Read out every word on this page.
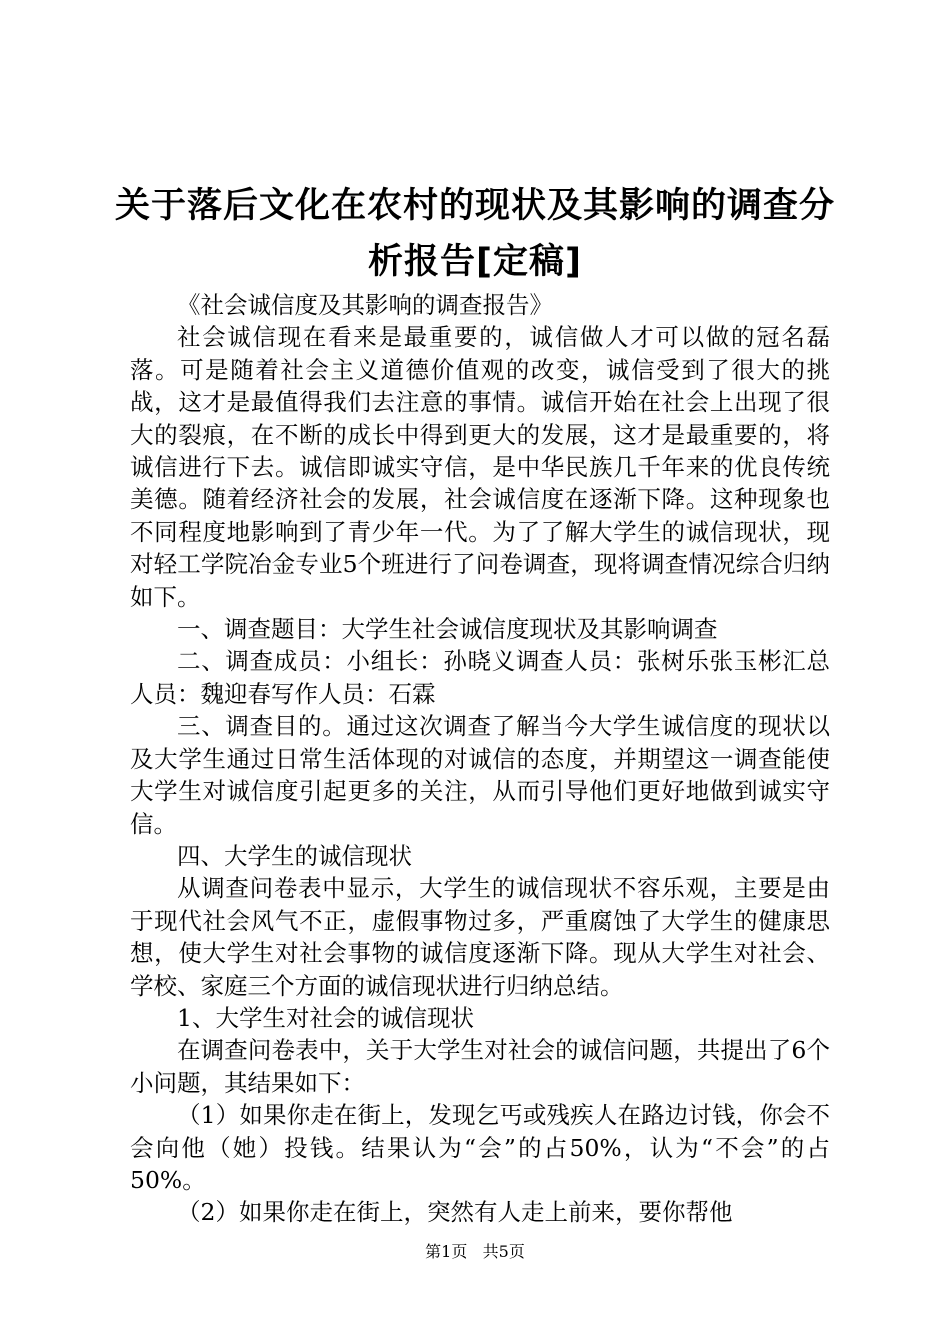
关于落后文化在农村的现状及其影响的调查分析报告[定稿]

《社会诚信度及其影响的调查报告》

社会诚信现在看来是最重要的，诚信做人才可以做的冠名磊落。可是随着社会主义道德价值观的改变，诚信受到了很大的挑战，这才是最值得我们去注意的事情。诚信开始在社会上出现了很大的裂痕，在不断的成长中得到更大的发展，这才是最重要的，将诚信进行下去。诚信即诚实守信，是中华民族几千年来的优良传统美德。随着经济社会的发展，社会诚信度在逐渐下降。这种现象也不同程度地影响到了青少年一代。为了了解大学生的诚信现状，现对轻工学院冶金专业5个班进行了问卷调查，现将调查情况综合归纳如下。

一、调查题目：大学生社会诚信度现状及其影响调查

二、调查成员：小组长：孙晓义调查人员：张树乐张玉彬汇总人员：魏迎春写作人员：石霖

三、调查目的。通过这次调查了解当今大学生诚信度的现状以及大学生通过日常生活体现的对诚信的态度，并期望这一调查能使大学生对诚信度引起更多的关注，从而引导他们更好地做到诚实守信。

四、大学生的诚信现状

从调查问卷表中显示，大学生的诚信现状不容乐观，主要是由于现代社会风气不正，虚假事物过多，严重腐蚀了大学生的健康思想，使大学生对社会事物的诚信度逐渐下降。现从大学生对社会、学校、家庭三个方面的诚信现状进行归纳总结。

1、大学生对社会的诚信现状

在调查问卷表中，关于大学生对社会的诚信问题，共提出了6个小问题，其结果如下：

（1）如果你走在街上，发现乞丐或残疾人在路边讨钱，你会不会向他（她）投钱。结果认为“会”的占50%，认为“不会”的占50%。

（2）如果你走在街上，突然有人走上前来，要你帮他

第1页 共5页
